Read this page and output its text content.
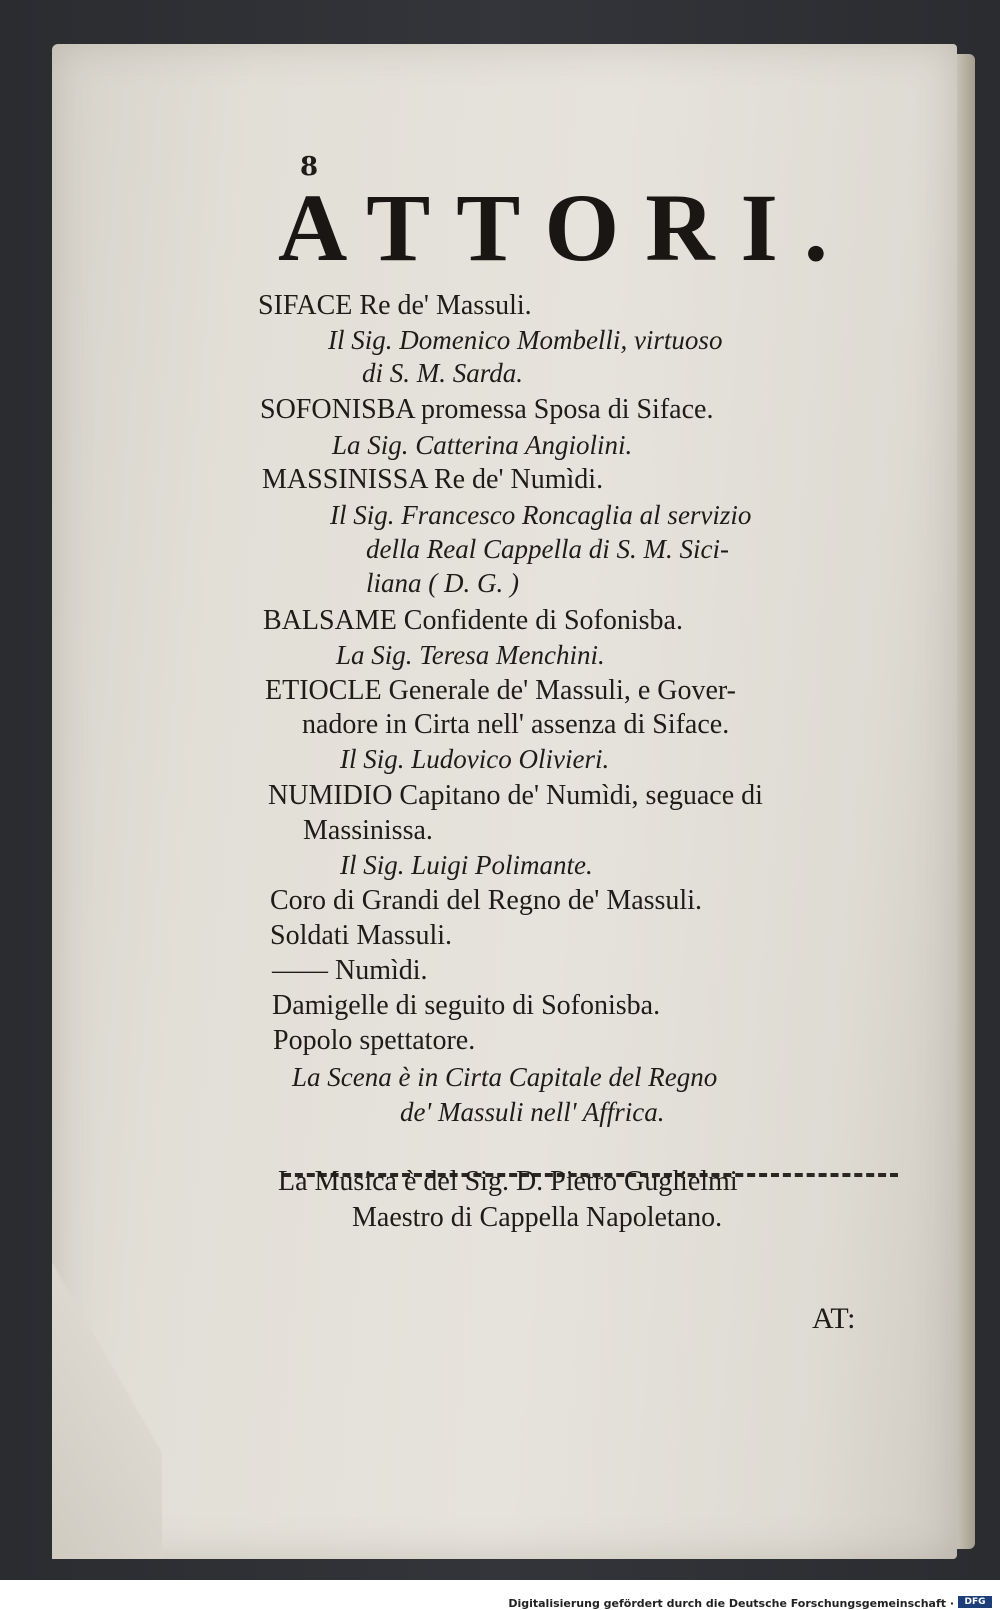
8
ATTORI.
SIFACE Re de' Massuli.
Il Sig. Domenico Mombelli, virtuoso
di S. M. Sarda.
SOFONISBA promessa Sposa di Siface.
La Sig. Catterina Angiolini.
MASSINISSA Re de' Numìdi.
Il Sig. Francesco Roncaglia al servizio
della Real Cappella di S. M. Sici-
liana ( D. G. )
BALSAME Confidente di Sofonisba.
La Sig. Teresa Menchini.
ETIOCLE Generale de' Massuli, e Gover-
nadore in Cirta nell' assenza di Siface.
Il Sig. Ludovico Olivieri.
NUMIDIO Capitano de' Numìdi, seguace di
Massinissa.
Il Sig. Luigi Polimante.
Coro di Grandi del Regno de' Massuli.
Soldati Massuli.
—— Numìdi.
Damigelle di seguito di Sofonisba.
Popolo spettatore.
La Scena è in Cirta Capitale del Regno
de' Massuli nell' Affrica.
La Musica è del Sig. D. Pietro Guglielmi
Maestro di Cappella Napoletano.
AT:
Digitalisierung gefördert durch die Deutsche Forschungsgemeinschaft ·	DFG
